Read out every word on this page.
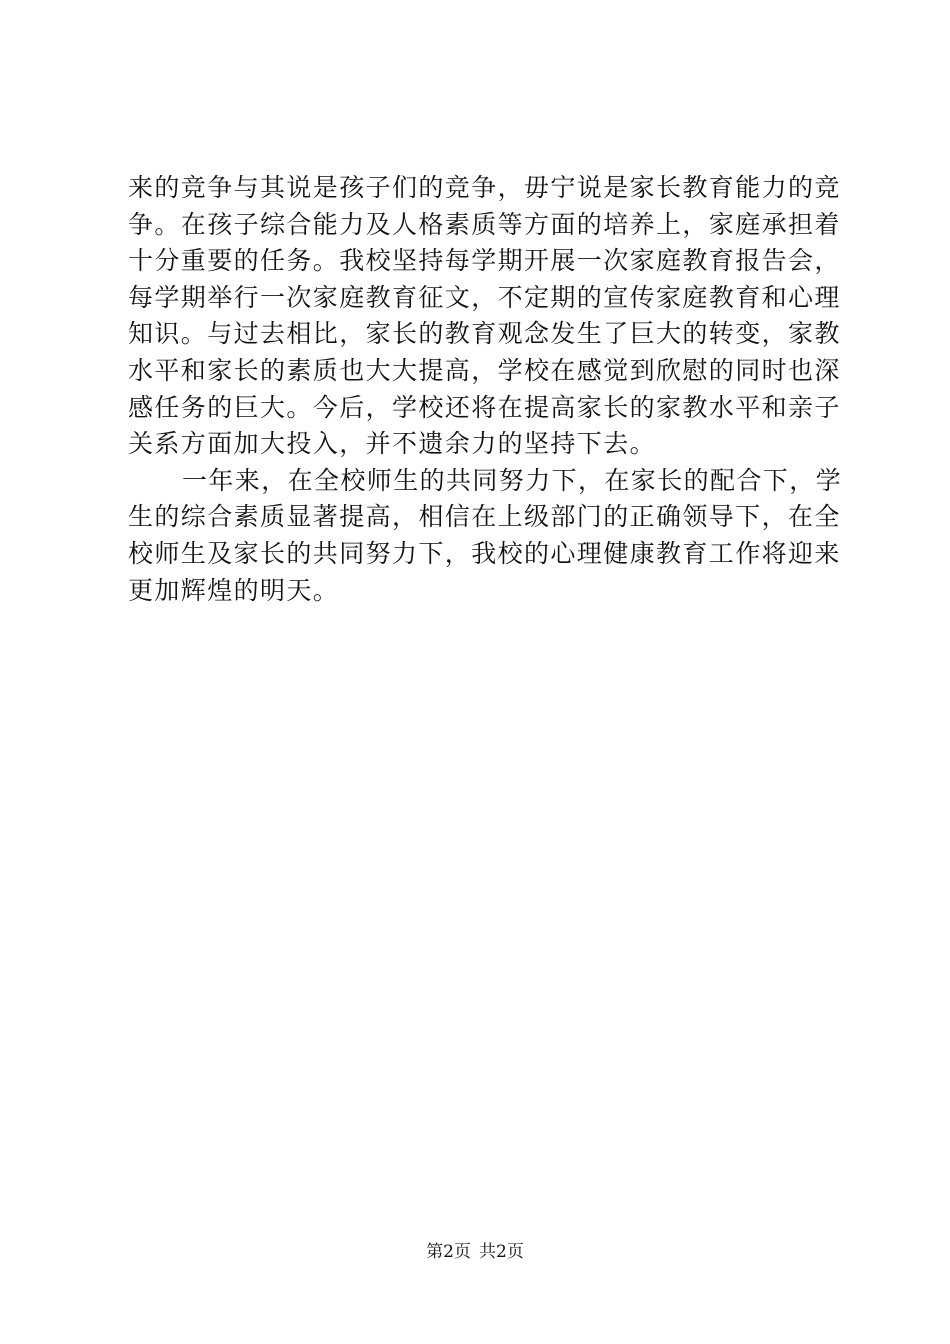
来的竞争与其说是孩子们的竞争，毋宁说是家长教育能力的竞
争。在孩子综合能力及人格素质等方面的培养上，家庭承担着
十分重要的任务。我校坚持每学期开展一次家庭教育报告会，
每学期举行一次家庭教育征文，不定期的宣传家庭教育和心理
知识。与过去相比，家长的教育观念发生了巨大的转变，家教
水平和家长的素质也大大提高，学校在感觉到欣慰的同时也深
感任务的巨大。今后，学校还将在提高家长的家教水平和亲子
关系方面加大投入，并不遗余力的坚持下去。
一年来，在全校师生的共同努力下，在家长的配合下，学
生的综合素质显著提高，相信在上级部门的正确领导下，在全
校师生及家长的共同努力下，我校的心理健康教育工作将迎来
更加辉煌的明天。
第2页 共2页
